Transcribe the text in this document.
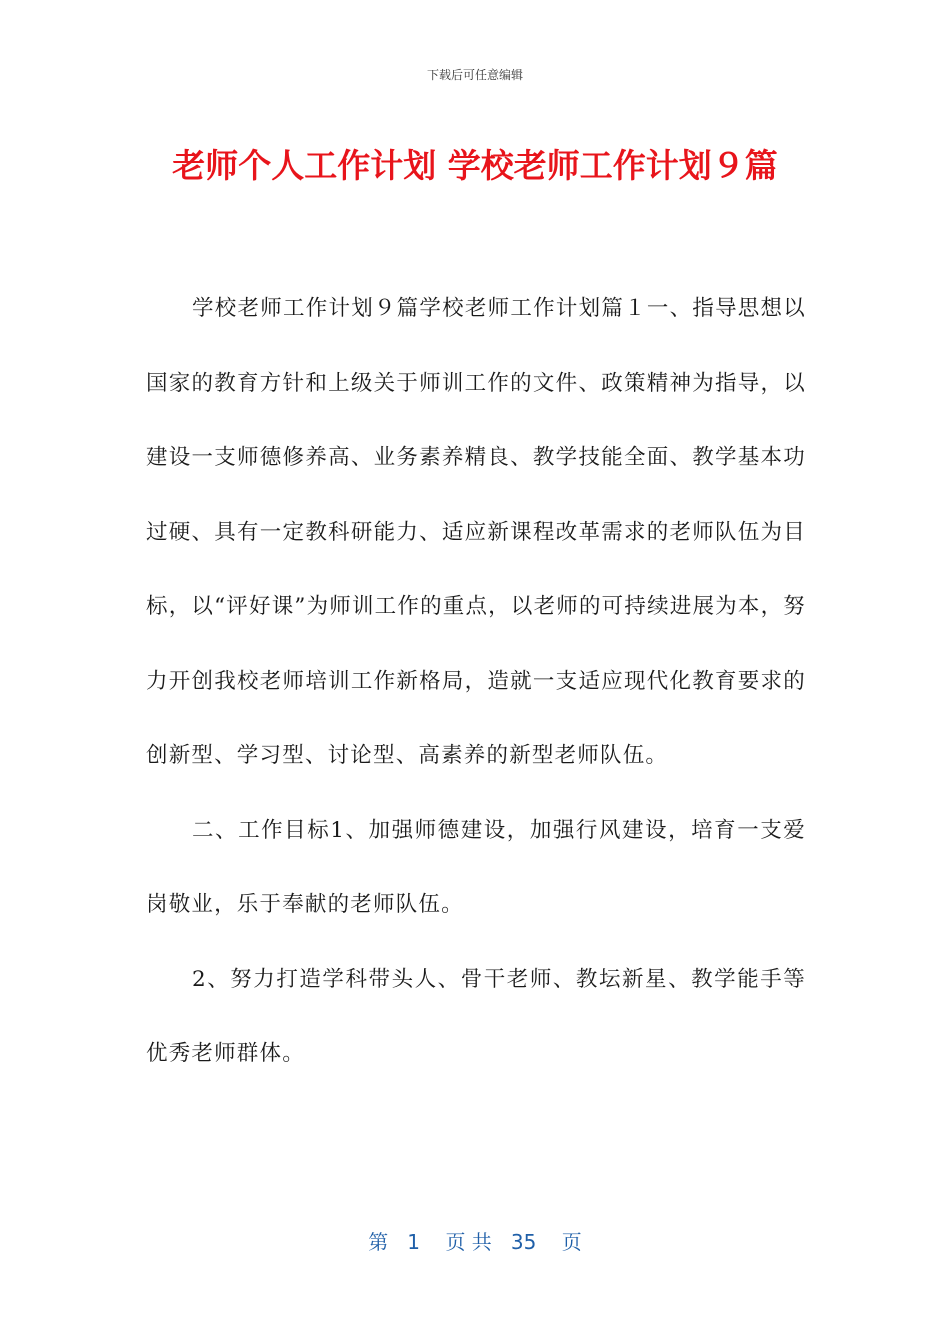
下载后可任意编辑
老师个人工作计划 学校老师工作计划９篇

学校老师工作计划９篇学校老师工作计划篇１一、指导思想以国家的教育方针和上级关于师训工作的文件、政策精神为指导，以建设一支师德修养高、业务素养精良、教学技能全面、教学基本功过硬、具有一定教科研能力、适应新课程改革需求的老师队伍为目标，以“评好课”为师训工作的重点，以老师的可持续进展为本，努力开创我校老师培训工作新格局，造就一支适应现代化教育要求的创新型、学习型、讨论型、高素养的新型老师队伍。

二、工作目标1、加强师德建设，加强行风建设，培育一支爱岗敬业，乐于奉献的老师队伍。

2、努力打造学科带头人、骨干老师、教坛新星、教学能手等优秀老师群体。

第 1 页 共 35 页
